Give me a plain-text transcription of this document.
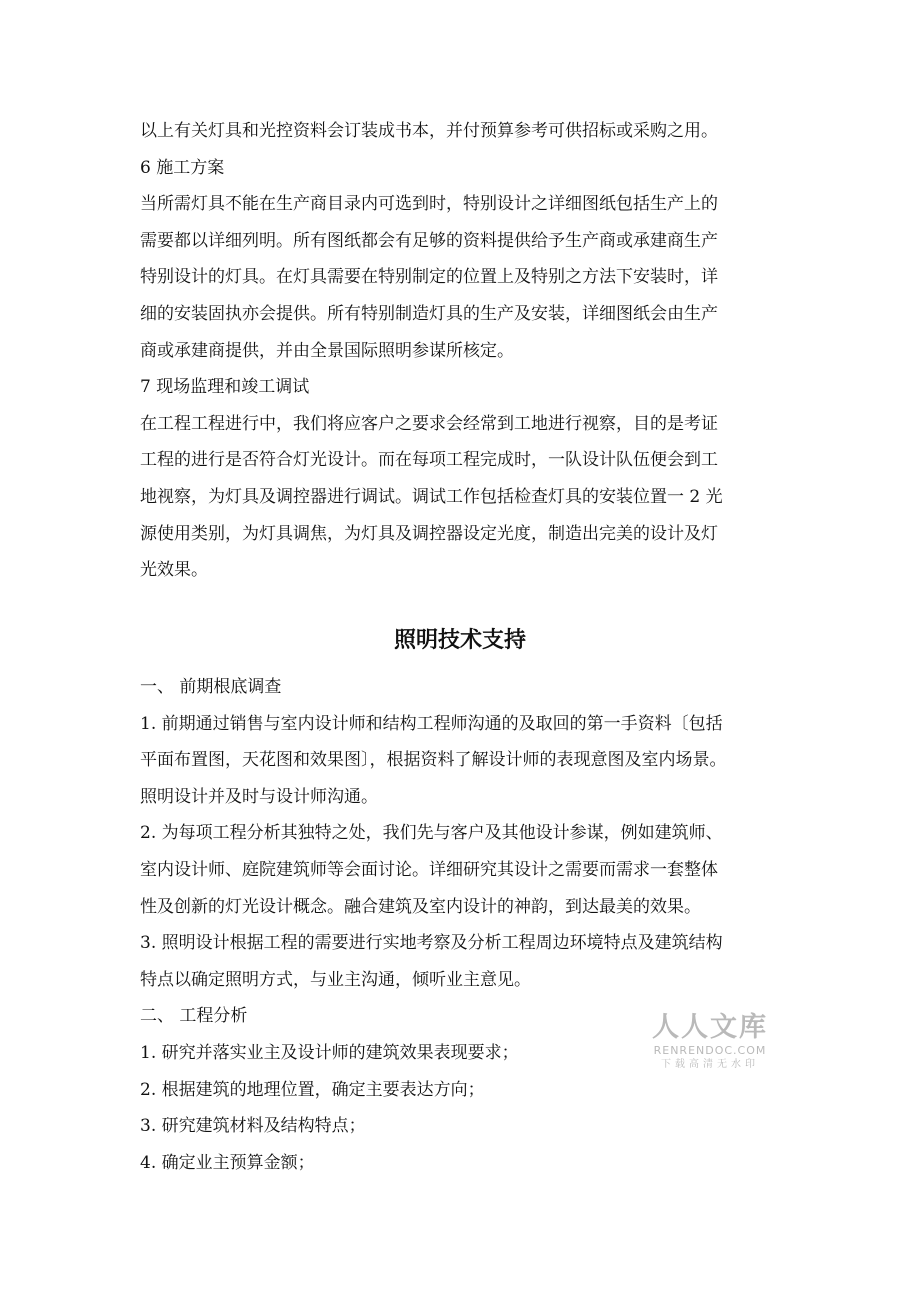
以上有关灯具和光控资料会订装成书本，并付预算参考可供招标或采购之用。
6 施工方案
当所需灯具不能在生产商目录内可选到时，特别设计之详细图纸包括生产上的
需要都以详细列明。所有图纸都会有足够的资料提供给予生产商或承建商生产
特别设计的灯具。在灯具需要在特别制定的位置上及特别之方法下安装时，详
细的安装固执亦会提供。所有特别制造灯具的生产及安装，详细图纸会由生产
商或承建商提供，并由全景国际照明参谋所核定。
7 现场监理和竣工调试
在工程工程进行中，我们将应客户之要求会经常到工地进行视察，目的是考证
工程的进行是否符合灯光设计。而在每项工程完成时，一队设计队伍便会到工
地视察，为灯具及调控器进行调试。调试工作包括检查灯具的安装位置一 2 光
源使用类别，为灯具调焦，为灯具及调控器设定光度，制造出完美的设计及灯
光效果。
照明技术支持
一、 前期根底调查
1. 前期通过销售与室内设计师和结构工程师沟通的及取回的第一手资料〔包括
平面布置图，天花图和效果图〕，根据资料了解设计师的表现意图及室内场景。
照明设计并及时与设计师沟通。
2. 为每项工程分析其独特之处，我们先与客户及其他设计参谋，例如建筑师、
室内设计师、庭院建筑师等会面讨论。详细研究其设计之需要而需求一套整体
性及创新的灯光设计概念。融合建筑及室内设计的神韵，到达最美的效果。
3. 照明设计根据工程的需要进行实地考察及分析工程周边环境特点及建筑结构
特点以确定照明方式，与业主沟通，倾听业主意见。
二、 工程分析
1. 研究并落实业主及设计师的建筑效果表现要求；
2. 根据建筑的地理位置，确定主要表达方向；
3. 研究建筑材料及结构特点；
4. 确定业主预算金额；
人人文库
RENRENDOC.COM
下载高清无水印
